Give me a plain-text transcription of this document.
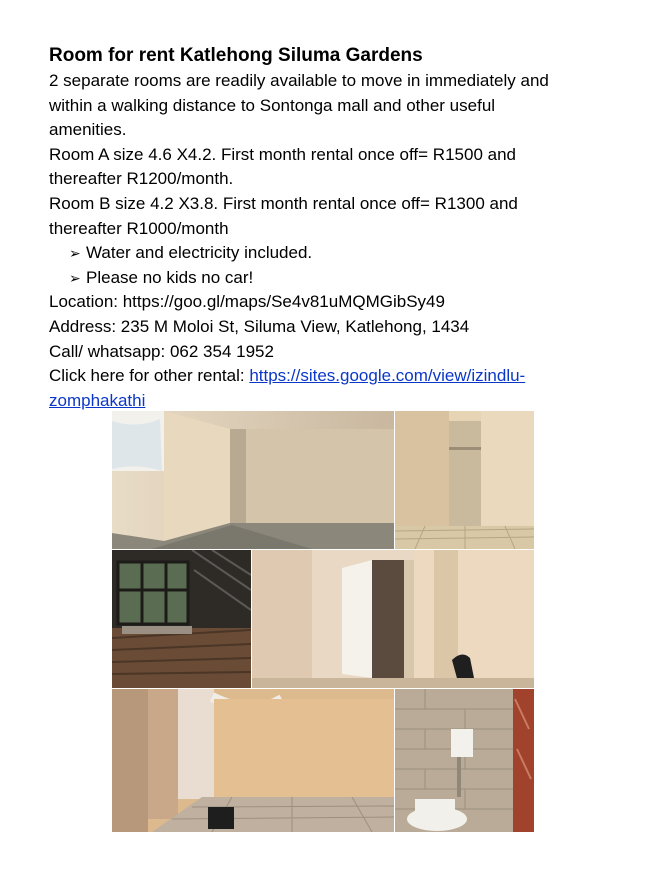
Room for rent Katlehong Siluma Gardens

2 separate rooms are readily available to move in immediately and

within a walking distance to Sontonga mall and other useful

amenities.

Room A size 4.6 X4.2. First month rental once off= R1500 and

thereafter R1200/month.

Room B size 4.2 X3.8. First month rental once off= R1300 and

thereafter R1000/month

➢ Water and electricity included.
➢ Please no kids no car!

Location: https://goo.gl/maps/Se4v81uMQMGibSy49

Address: 235 M Moloi St, Siluma View, Katlehong, 1434

Call/ whatsapp: 062 354 1952

Click here for other rental: https://sites.google.com/view/izindlu-

zomphakathi
